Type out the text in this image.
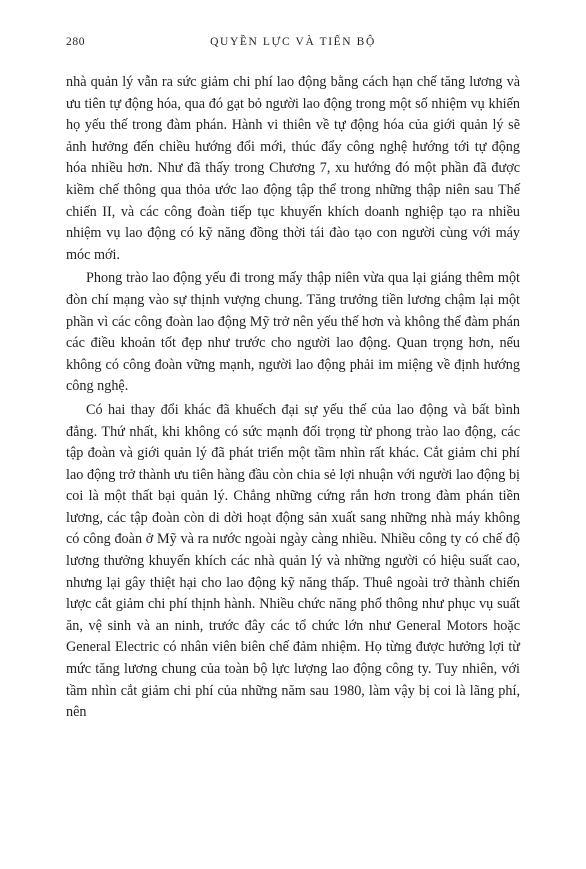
280	QUYỀN LỰC VÀ TIẾN BỘ

nhà quản lý vẫn ra sức giảm chi phí lao động bằng cách hạn chế tăng lương và ưu tiên tự động hóa, qua đó gạt bỏ người lao động trong một số nhiệm vụ khiến họ yếu thế trong đàm phán. Hành vi thiên về tự động hóa của giới quản lý sẽ ảnh hưởng đến chiều hướng đổi mới, thúc đẩy công nghệ hướng tới tự động hóa nhiều hơn. Như đã thấy trong Chương 7, xu hướng đó một phần đã được kiềm chế thông qua thỏa ước lao động tập thể trong những thập niên sau Thế chiến II, và các công đoàn tiếp tục khuyến khích doanh nghiệp tạo ra nhiều nhiệm vụ lao động có kỹ năng đồng thời tái đào tạo con người cùng với máy móc mới.

Phong trào lao động yếu đi trong mấy thập niên vừa qua lại giáng thêm một đòn chí mạng vào sự thịnh vượng chung. Tăng trưởng tiền lương chậm lại một phần vì các công đoàn lao động Mỹ trở nên yếu thế hơn và không thể đàm phán các điều khoản tốt đẹp như trước cho người lao động. Quan trọng hơn, nếu không có công đoàn vững mạnh, người lao động phải im miệng về định hướng công nghệ.

Có hai thay đổi khác đã khuếch đại sự yếu thế của lao động và bất bình đẳng. Thứ nhất, khi không có sức mạnh đối trọng từ phong trào lao động, các tập đoàn và giới quản lý đã phát triển một tầm nhìn rất khác. Cắt giảm chi phí lao động trở thành ưu tiên hàng đầu còn chia sẻ lợi nhuận với người lao động bị coi là một thất bại quản lý. Chẳng những cứng rắn hơn trong đàm phán tiền lương, các tập đoàn còn di dời hoạt động sản xuất sang những nhà máy không có công đoàn ở Mỹ và ra nước ngoài ngày càng nhiều. Nhiều công ty có chế độ lương thưởng khuyến khích các nhà quản lý và những người có hiệu suất cao, nhưng lại gây thiệt hại cho lao động kỹ năng thấp. Thuê ngoài trở thành chiến lược cắt giảm chi phí thịnh hành. Nhiều chức năng phổ thông như phục vụ suất ăn, vệ sinh và an ninh, trước đây các tổ chức lớn như General Motors hoặc General Electric có nhân viên biên chế đảm nhiệm. Họ từng được hưởng lợi từ mức tăng lương chung của toàn bộ lực lượng lao động công ty. Tuy nhiên, với tầm nhìn cắt giảm chi phí của những năm sau 1980, làm vậy bị coi là lãng phí, nên
